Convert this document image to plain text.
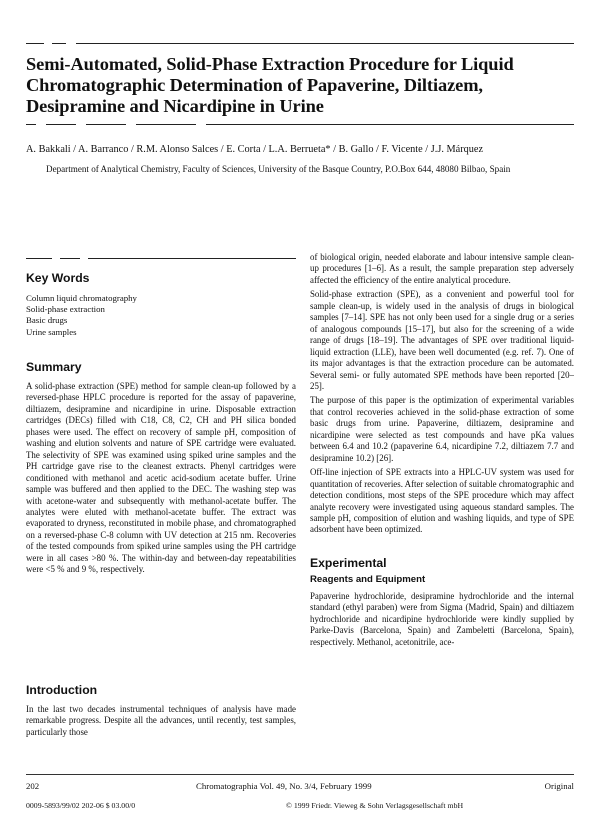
Semi-Automated, Solid-Phase Extraction Procedure for Liquid Chromatographic Determination of Papaverine, Diltiazem, Desipramine and Nicardipine in Urine
A. Bakkali / A. Barranco / R.M. Alonso Salces / E. Corta / L.A. Berrueta* / B. Gallo / F. Vicente / J.J. Márquez
Department of Analytical Chemistry, Faculty of Sciences, University of the Basque Country, P.O.Box 644, 48080 Bilbao, Spain
Key Words
Column liquid chromatography
Solid-phase extraction
Basic drugs
Urine samples
Summary

A solid-phase extraction (SPE) method for sample clean-up followed by a reversed-phase HPLC procedure is reported for the assay of papaverine, diltiazem, desipramine and nicardipine in urine. Disposable extraction cartridges (DECs) filled with C18, C8, C2, CH and PH silica bonded phases were used. The effect on recovery of sample pH, composition of washing and elution solvents and nature of SPE cartridge were evaluated. The selectivity of SPE was examined using spiked urine samples and the PH cartridge gave rise to the cleanest extracts. Phenyl cartridges were conditioned with methanol and acetic acid-sodium acetate buffer. Urine sample was buffered and then applied to the DEC. The washing step was with acetone-water and subsequently with methanol-acetate buffer. The analytes were eluted with methanol-acetate buffer. The extract was evaporated to dryness, reconstituted in mobile phase, and chromatographed on a reversed-phase C-8 column with UV detection at 215 nm. Recoveries of the tested compounds from spiked urine samples using the PH cartridge were in all cases >80 %. The within-day and between-day repeatabilities were <5 % and 9 %, respectively.

Introduction

In the last two decades instrumental techniques of analysis have made remarkable progress. Despite all the advances, until recently, test samples, particularly those

of biological origin, needed elaborate and labour intensive sample clean-up procedures [1–6]. As a result, the sample preparation step adversely affected the efficiency of the entire analytical procedure.

Solid-phase extraction (SPE), as a convenient and powerful tool for sample clean-up, is widely used in the analysis of drugs in biological samples [7–14]. SPE has not only been used for a single drug or a series of analogous compounds [15–17], but also for the screening of a wide range of drugs [18–19]. The advantages of SPE over traditional liquid-liquid extraction (LLE), have been well documented (e.g. ref. 7). One of its major advantages is that the extraction procedure can be automated. Several semi- or fully automated SPE methods have been reported [20–25].

The purpose of this paper is the optimization of experimental variables that control recoveries achieved in the solid-phase extraction of some basic drugs from urine. Papaverine, diltiazem, desipramine and nicardipine were selected as test compounds and have pKa values between 6.4 and 10.2 (papaverine 6.4, nicardipine 7.2, diltiazem 7.7 and desipramine 10.2) [26].

Off-line injection of SPE extracts into a HPLC-UV system was used for quantitation of recoveries. After selection of suitable chromatographic and detection conditions, most steps of the SPE procedure which may affect analyte recovery were investigated using aqueous standard samples. The sample pH, composition of elution and washing liquids, and type of SPE adsorbent have been optimized.

Experimental
Reagents and Equipment

Papaverine hydrochloride, desipramine hydrochloride and the internal standard (ethyl paraben) were from Sigma (Madrid, Spain) and diltiazem hydrochloride and nicardipine hydrochloride were kindly supplied by Parke-Davis (Barcelona, Spain) and Zambeletti (Barcelona, Spain), respectively. Methanol, acetonitrile, ace-

202	Chromatographia Vol. 49, No. 3/4, February 1999	Original
0009-5893/99/02 202-06 $ 03.00/0	© 1999 Friedr. Vieweg & Sohn Verlagsgesellschaft mbH
